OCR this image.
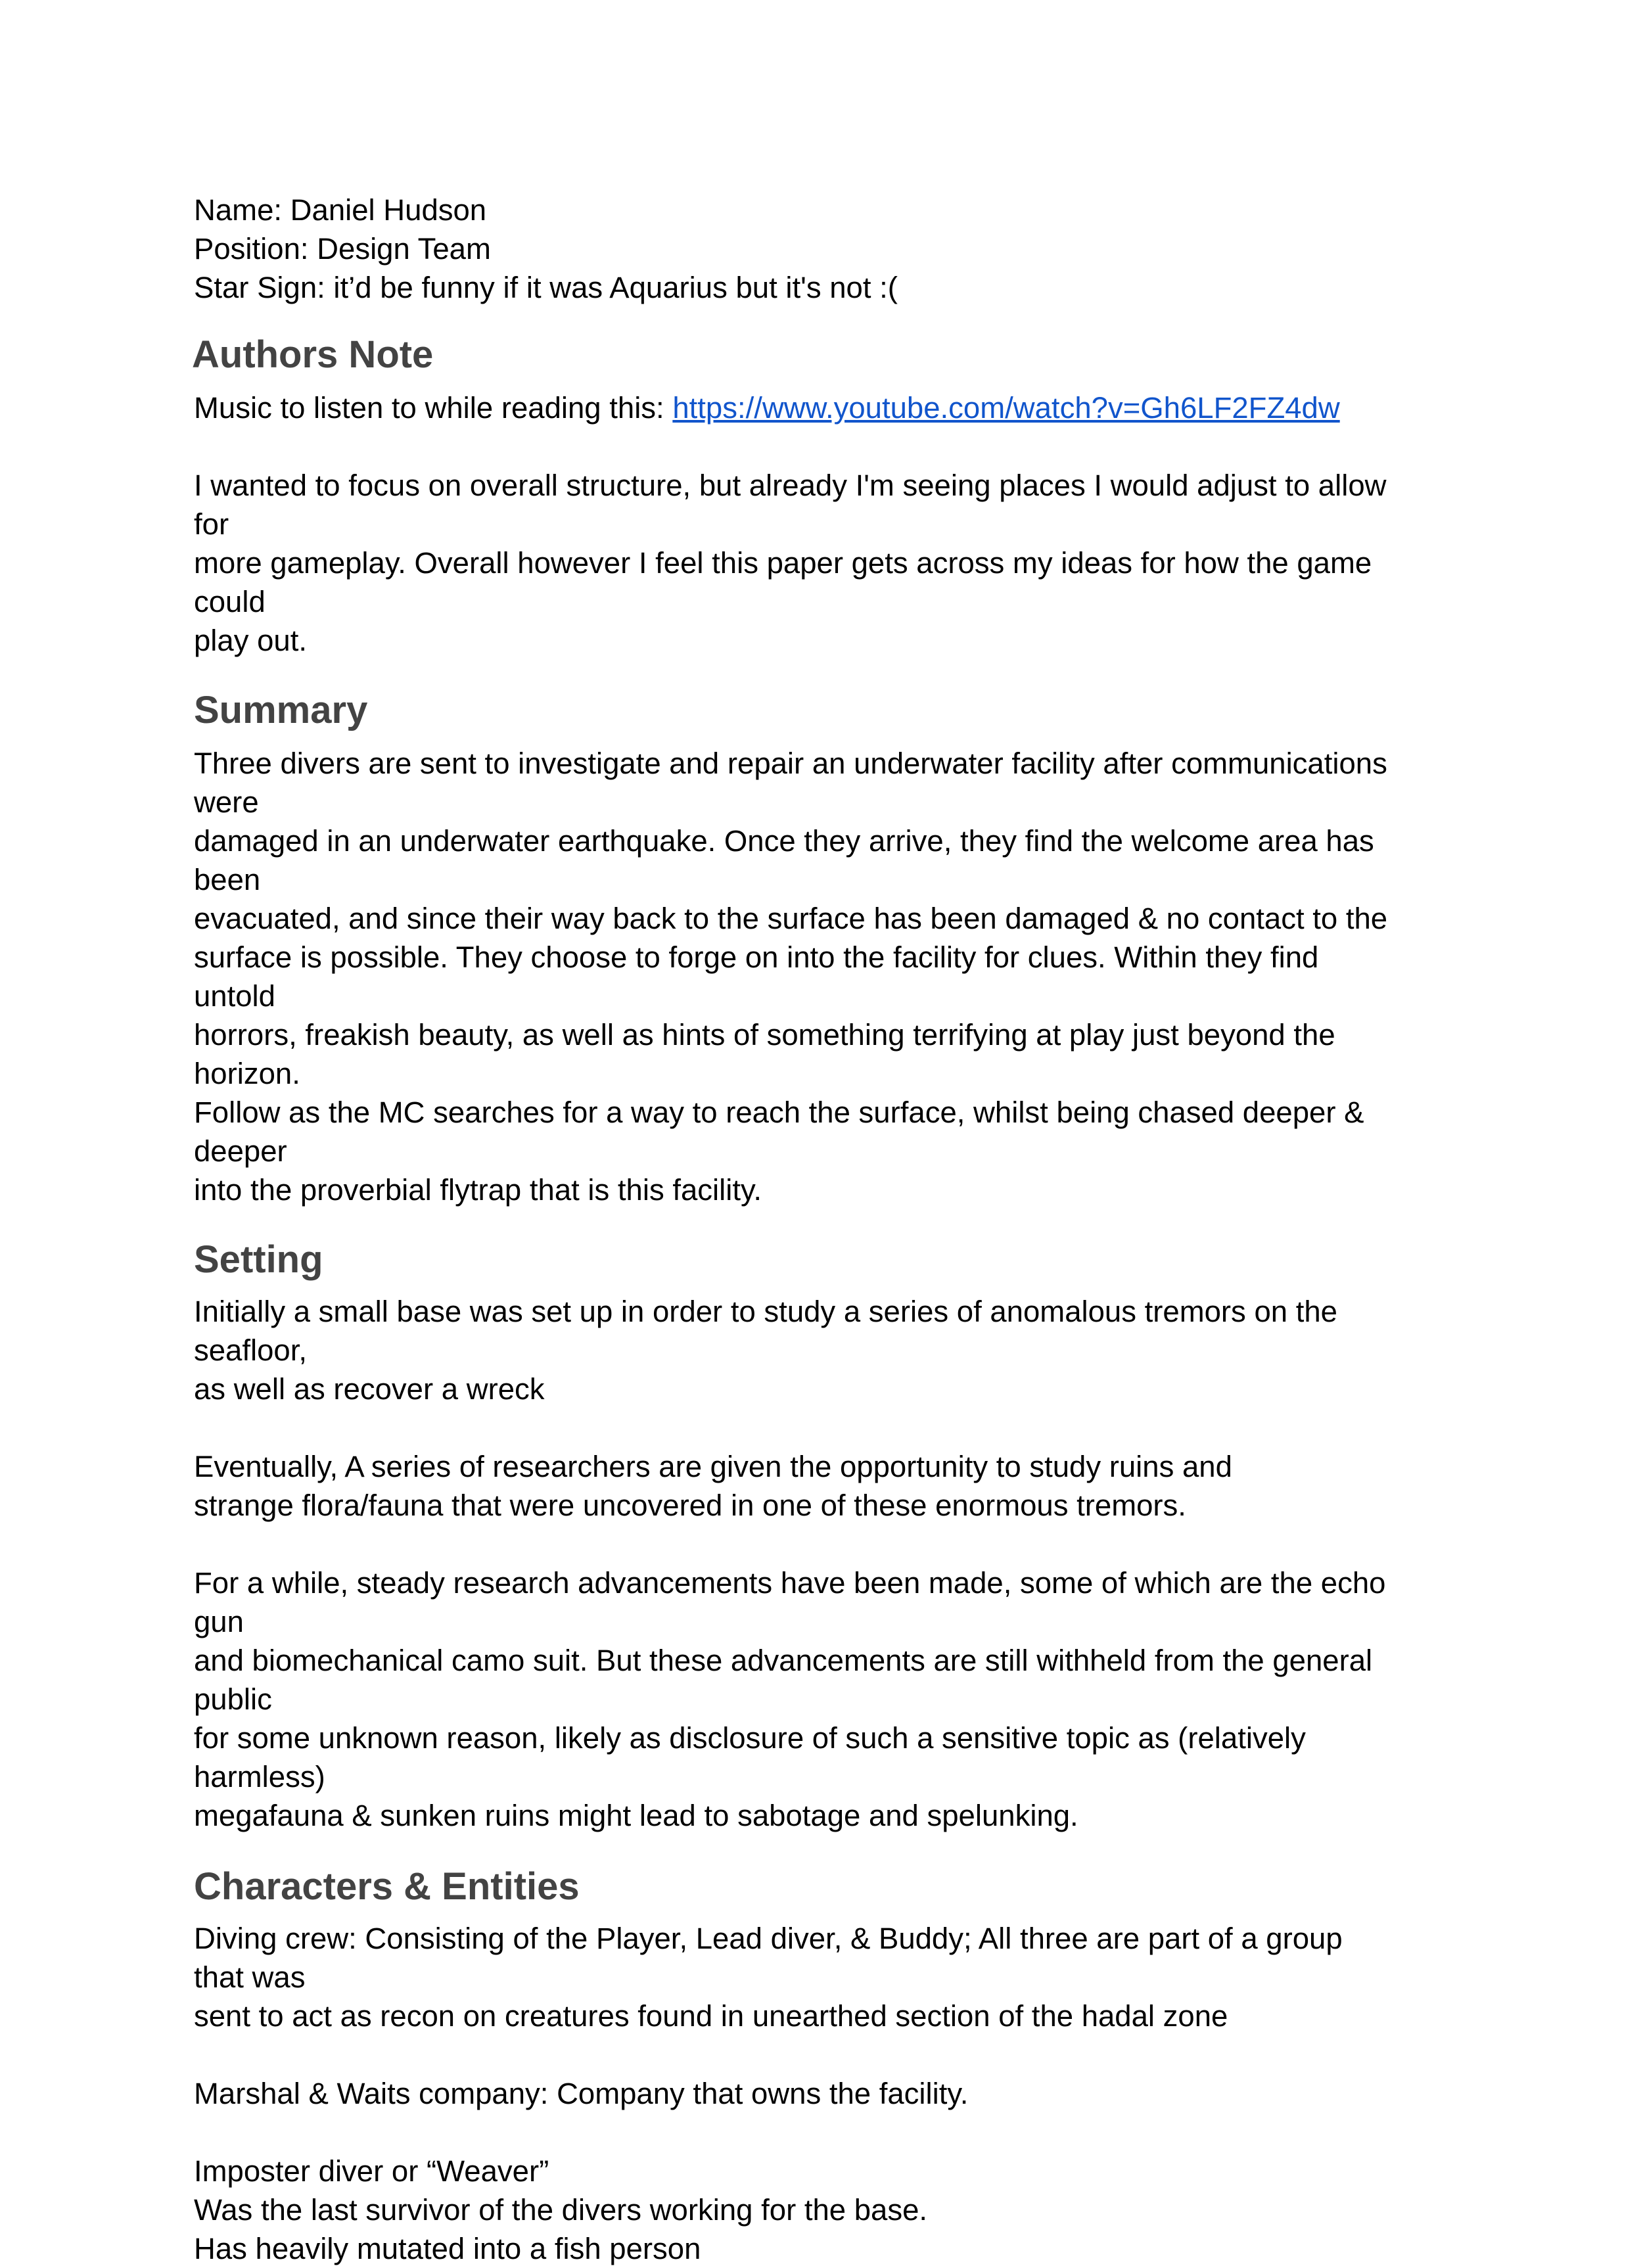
Name: Daniel Hudson

Position: Design Team

Star Sign: it’d be funny if it was Aquarius but it's not :(

Authors Note

Music to listen to while reading this: https://www.youtube.com/watch?v=Gh6LF2FZ4dw

I wanted to focus on overall structure, but already I'm seeing places I would adjust to allow for

more gameplay. Overall however I feel this paper gets across my ideas for how the game could

play out.

Summary

Three divers are sent to investigate and repair an underwater facility after communications were

damaged in an underwater earthquake. Once they arrive, they find the welcome area has been

evacuated, and since their way back to the surface has been damaged & no contact to the

surface is possible. They choose to forge on into the facility for clues. Within they find untold

horrors, freakish beauty, as well as hints of something terrifying at play just beyond the horizon.

Follow as the MC searches for a way to reach the surface, whilst being chased deeper & deeper

into the proverbial flytrap that is this facility.

Setting

Initially a small base was set up in order to study a series of anomalous tremors on the seafloor,

as well as recover a wreck

Eventually, A series of researchers are given the opportunity to study ruins and

strange flora/fauna that were uncovered in one of these enormous tremors.

For a while, steady research advancements have been made, some of which are the echo gun

and biomechanical camo suit. But these advancements are still withheld from the general public

for some unknown reason, likely as disclosure of such a sensitive topic as (relatively harmless)

megafauna & sunken ruins might lead to sabotage and spelunking.

Characters & Entities

Diving crew: Consisting of the Player, Lead diver, & Buddy; All three are part of a group that was

sent to act as recon on creatures found in unearthed section of the hadal zone

Marshal & Waits company: Company that owns the facility.

Imposter diver or “Weaver”

Was the last survivor of the divers working for the base.

Has heavily mutated into a fish person
